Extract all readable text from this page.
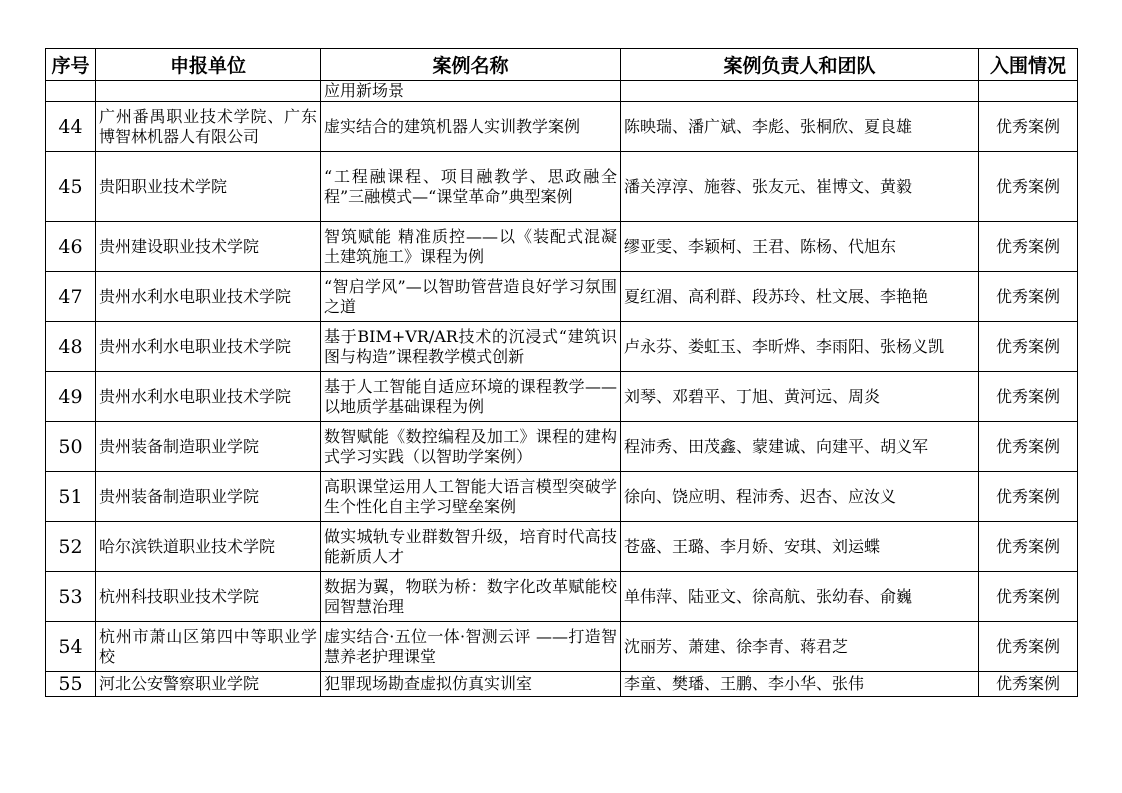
序号	申报单位	案例名称	案例负责人和团队	入围情况

		应用新场景		

44	广州番禺职业技术学院、广东博智林机器人有限公司	虚实结合的建筑机器人实训教学案例	陈映瑞、潘广斌、李彪、张桐欣、夏良雄	优秀案例
45	贵阳职业技术学院	“工程融课程、项目融教学、思政融全程”三融模式—“课堂革命”典型案例	潘关淳淳、施蓉、张友元、崔博文、黄毅	优秀案例
46	贵州建设职业技术学院	智筑赋能 精准质控——以《装配式混凝土建筑施工》课程为例	缪亚雯、李颖柯、王君、陈杨、代旭东	优秀案例
47	贵州水利水电职业技术学院	“智启学风”—以智助管营造良好学习氛围之道	夏红湄、高利群、段苏玲、杜文展、李艳艳	优秀案例
48	贵州水利水电职业技术学院	基于BIM+VR/AR技术的沉浸式“建筑识图与构造”课程教学模式创新	卢永芬、娄虹玉、李昕烨、李雨阳、张杨义凯	优秀案例
49	贵州水利水电职业技术学院	基于人工智能自适应环境的课程教学——以地质学基础课程为例	刘琴、邓碧平、丁旭、黄河远、周炎	优秀案例
50	贵州装备制造职业学院	数智赋能《数控编程及加工》课程的建构式学习实践（以智助学案例）	程沛秀、田茂鑫、蒙建诚、向建平、胡义军	优秀案例
51	贵州装备制造职业学院	高职课堂运用人工智能大语言模型突破学生个性化自主学习壁垒案例	徐向、饶应明、程沛秀、迟杏、应汝义	优秀案例
52	哈尔滨铁道职业技术学院	做实城轨专业群数智升级，培育时代高技能新质人才	苍盛、王璐、李月娇、安琪、刘运蝶	优秀案例
53	杭州科技职业技术学院	数据为翼，物联为桥：数字化改革赋能校园智慧治理	单伟萍、陆亚文、徐高航、张幼春、俞巍	优秀案例
54	杭州市萧山区第四中等职业学校	虚实结合·五位一体·智测云评 ——打造智慧养老护理课堂	沈丽芳、萧建、徐李青、蒋君芝	优秀案例
55	河北公安警察职业学院	犯罪现场勘查虚拟仿真实训室	李童、樊璠、王鹏、李小华、张伟	优秀案例
